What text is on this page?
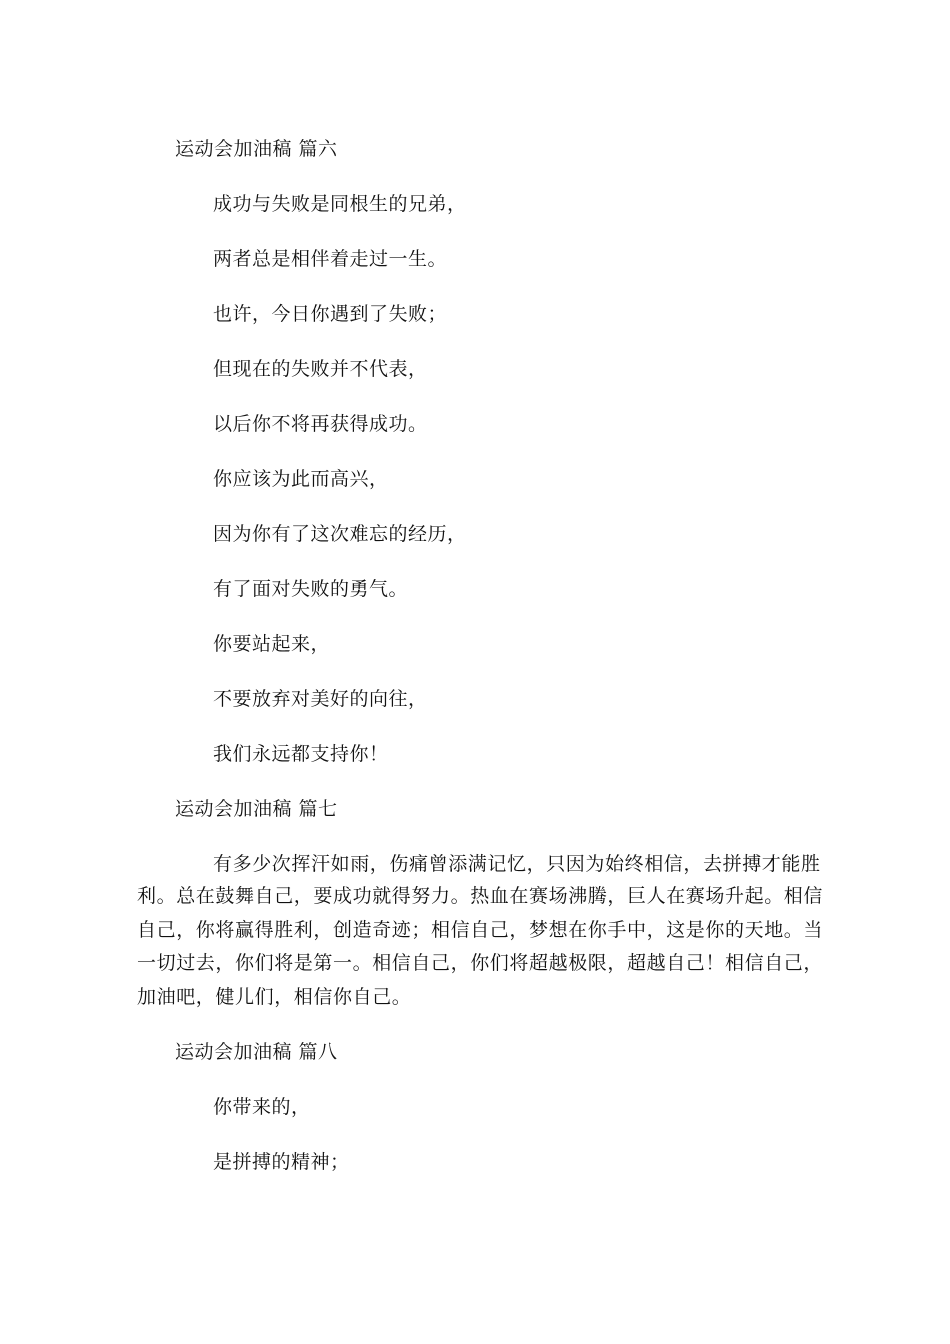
运动会加油稿 篇六
成功与失败是同根生的兄弟，
两者总是相伴着走过一生。
也许，今日你遇到了失败；
但现在的失败并不代表，
以后你不将再获得成功。
你应该为此而高兴，
因为你有了这次难忘的经历，
有了面对失败的勇气。
你要站起来，
不要放弃对美好的向往，
我们永远都支持你！
运动会加油稿 篇七
有多少次挥汗如雨，伤痛曾添满记忆，只因为始终相信，去拼搏才能胜
利。总在鼓舞自己，要成功就得努力。热血在赛场沸腾，巨人在赛场升起。相信
自己，你将赢得胜利，创造奇迹；相信自己，梦想在你手中，这是你的天地。当
一切过去，你们将是第一。相信自己，你们将超越极限，超越自己！相信自己，
加油吧，健儿们，相信你自己。
运动会加油稿 篇八
你带来的，
是拼搏的精神；
